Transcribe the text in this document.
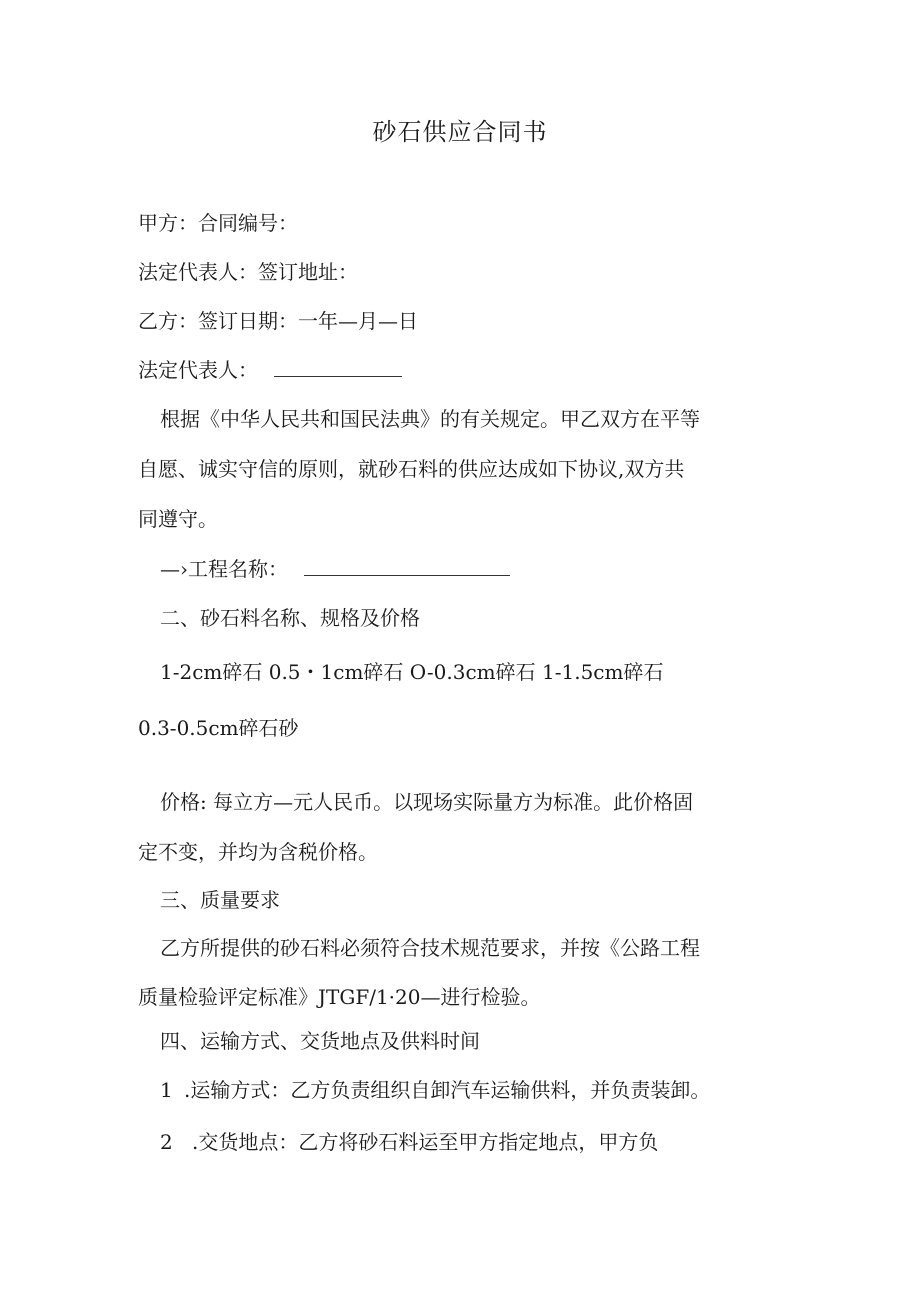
砂石供应合同书
甲方：合同编号：
法定代表人：签订地址：
乙方：签订日期：一年—月—日
法定代表人：
根据《中华人民共和国民法典》的有关规定。甲乙双方在平等
自愿、诚实守信的原则，就砂石料的供应达成如下协议,双方共
同遵守。
—›工程名称：
二、砂石料名称、规格及价格
1-2cm碎石 0.5・1cm碎石 O-0.3cm碎石 1-1.5cm碎石
0.3-0.5cm碎石砂
价格: 每立方—元人民币。以现场实际量方为标准。此价格固
定不变，并均为含税价格。
三、质量要求
乙方所提供的砂石料必须符合技术规范要求，并按《公路工程
质量检验评定标准》JTGF/1·20—进行检验。
四、运输方式、交货地点及供料时间
1 .运输方式：乙方负责组织自卸汽车运输供料，并负责装卸。
2 .交货地点：乙方将砂石料运至甲方指定地点，甲方负
